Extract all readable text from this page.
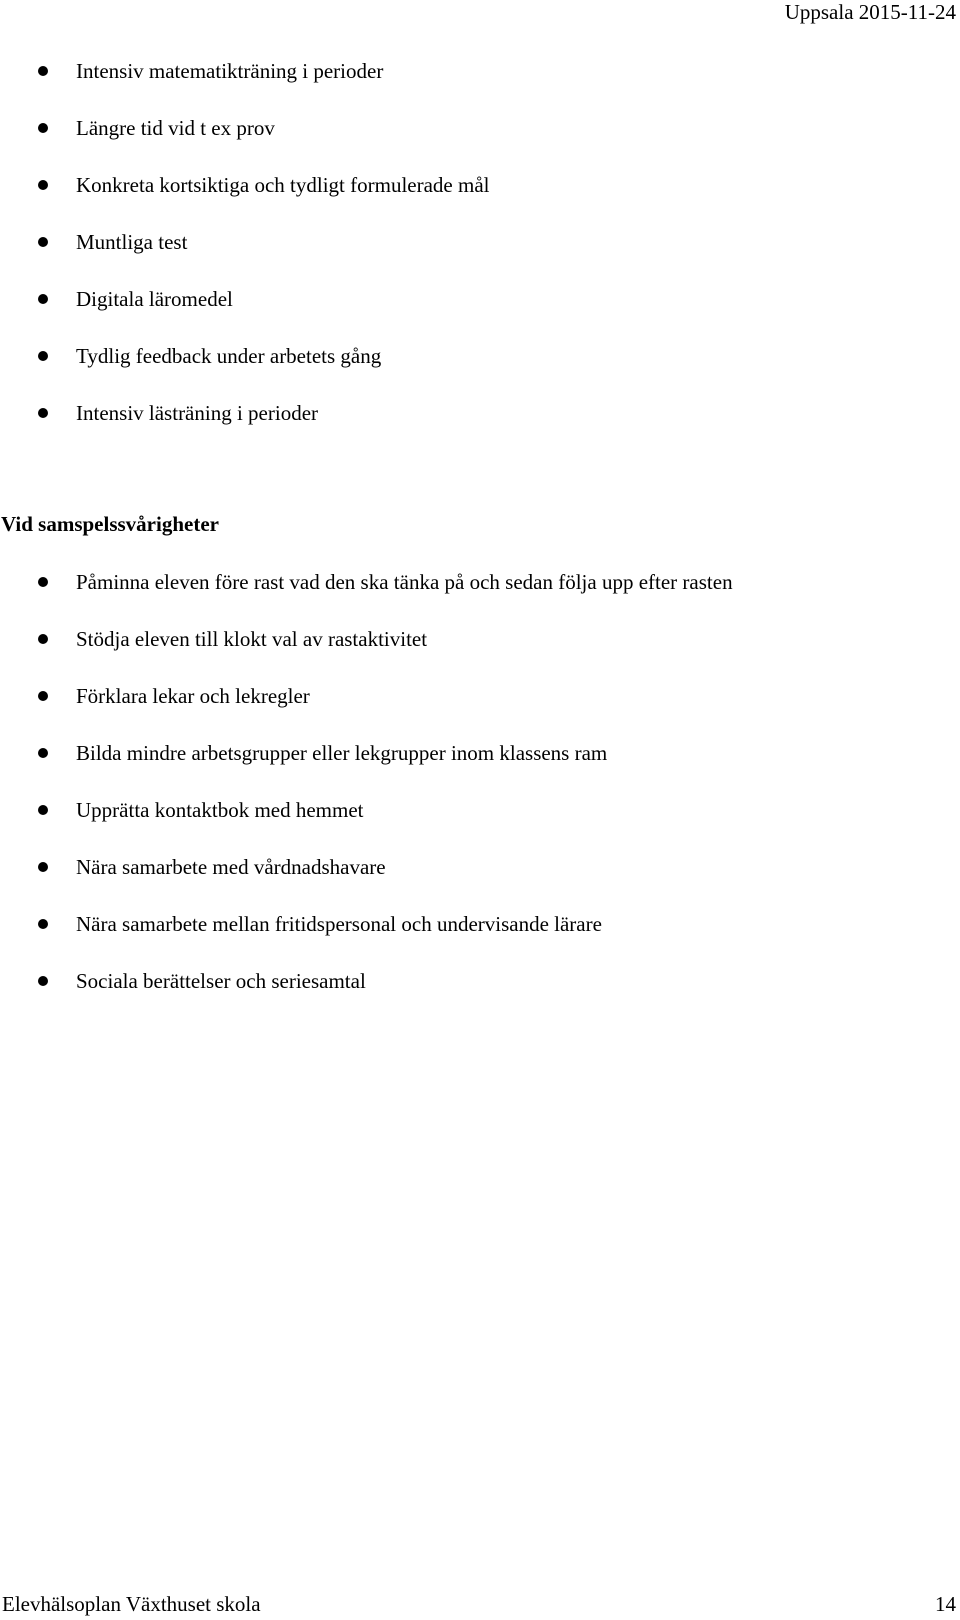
Uppsala 2015-11-24
Intensiv matematikträning i perioder
Längre tid vid t ex prov
Konkreta kortsiktiga och tydligt formulerade mål
Muntliga test
Digitala läromedel
Tydlig feedback under arbetets gång
Intensiv lästräning i perioder
Vid samspelssvårigheter
Påminna eleven före rast vad den ska tänka på och sedan följa upp efter rasten
Stödja eleven till klokt val av rastaktivitet
Förklara lekar och lekregler
Bilda mindre arbetsgrupper eller lekgrupper inom klassens ram
Upprätta kontaktbok med hemmet
Nära samarbete med vårdnadshavare
Nära samarbete mellan fritidspersonal och undervisande lärare
Sociala berättelser och seriesamtal
Elevhälsoplan Växthuset skola	14
